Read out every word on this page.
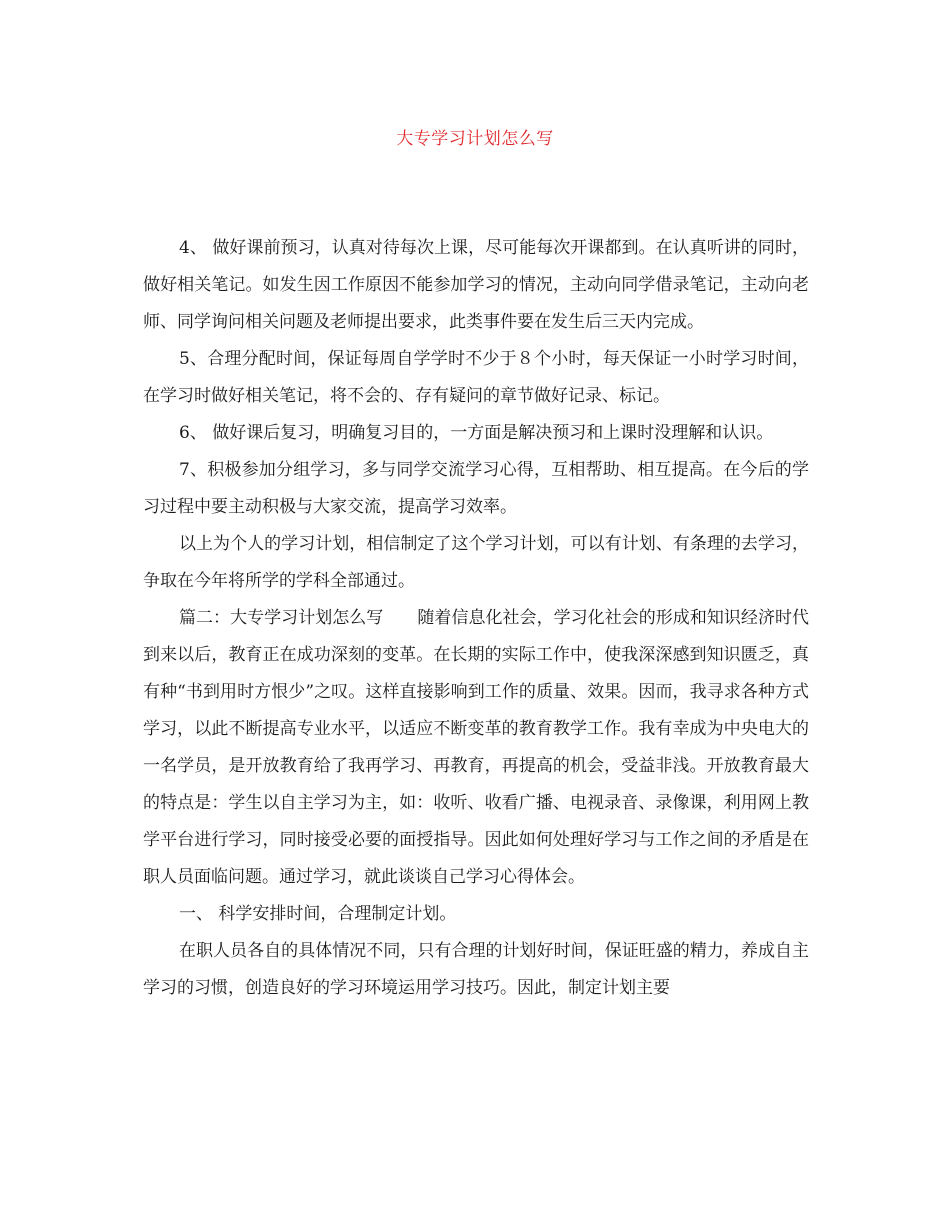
大专学习计划怎么写

4、 做好课前预习，认真对待每次上课，尽可能每次开课都到。在认真听讲的同时，做好相关笔记。如发生因工作原因不能参加学习的情况，主动向同学借录笔记，主动向老师、同学询问相关问题及老师提出要求，此类事件要在发生后三天内完成。

5、合理分配时间，保证每周自学学时不少于８个小时，每天保证一小时学习时间，在学习时做好相关笔记，将不会的、存有疑问的章节做好记录、标记。

6、 做好课后复习，明确复习目的，一方面是解决预习和上课时没理解和认识。

7、积极参加分组学习，多与同学交流学习心得，互相帮助、相互提高。在今后的学习过程中要主动积极与大家交流，提高学习效率。

以上为个人的学习计划，相信制定了这个学习计划，可以有计划、有条理的去学习，争取在今年将所学的学科全部通过。

篇二：大专学习计划怎么写　　随着信息化社会，学习化社会的形成和知识经济时代到来以后，教育正在成功深刻的变革。在长期的实际工作中，使我深深感到知识匮乏，真有种“书到用时方恨少”之叹。这样直接影响到工作的质量、效果。因而，我寻求各种方式学习，以此不断提高专业水平，以适应不断变革的教育教学工作。我有幸成为中央电大的一名学员，是开放教育给了我再学习、再教育，再提高的机会，受益非浅。开放教育最大的特点是：学生以自主学习为主，如：收听、收看广播、电视录音、录像课，利用网上教学平台进行学习，同时接受必要的面授指导。因此如何处理好学习与工作之间的矛盾是在职人员面临问题。通过学习，就此谈谈自己学习心得体会。

一、 科学安排时间，合理制定计划。

在职人员各自的具体情况不同，只有合理的计划好时间，保证旺盛的精力，养成自主学习的习惯，创造良好的学习环境运用学习技巧。因此，制定计划主要
